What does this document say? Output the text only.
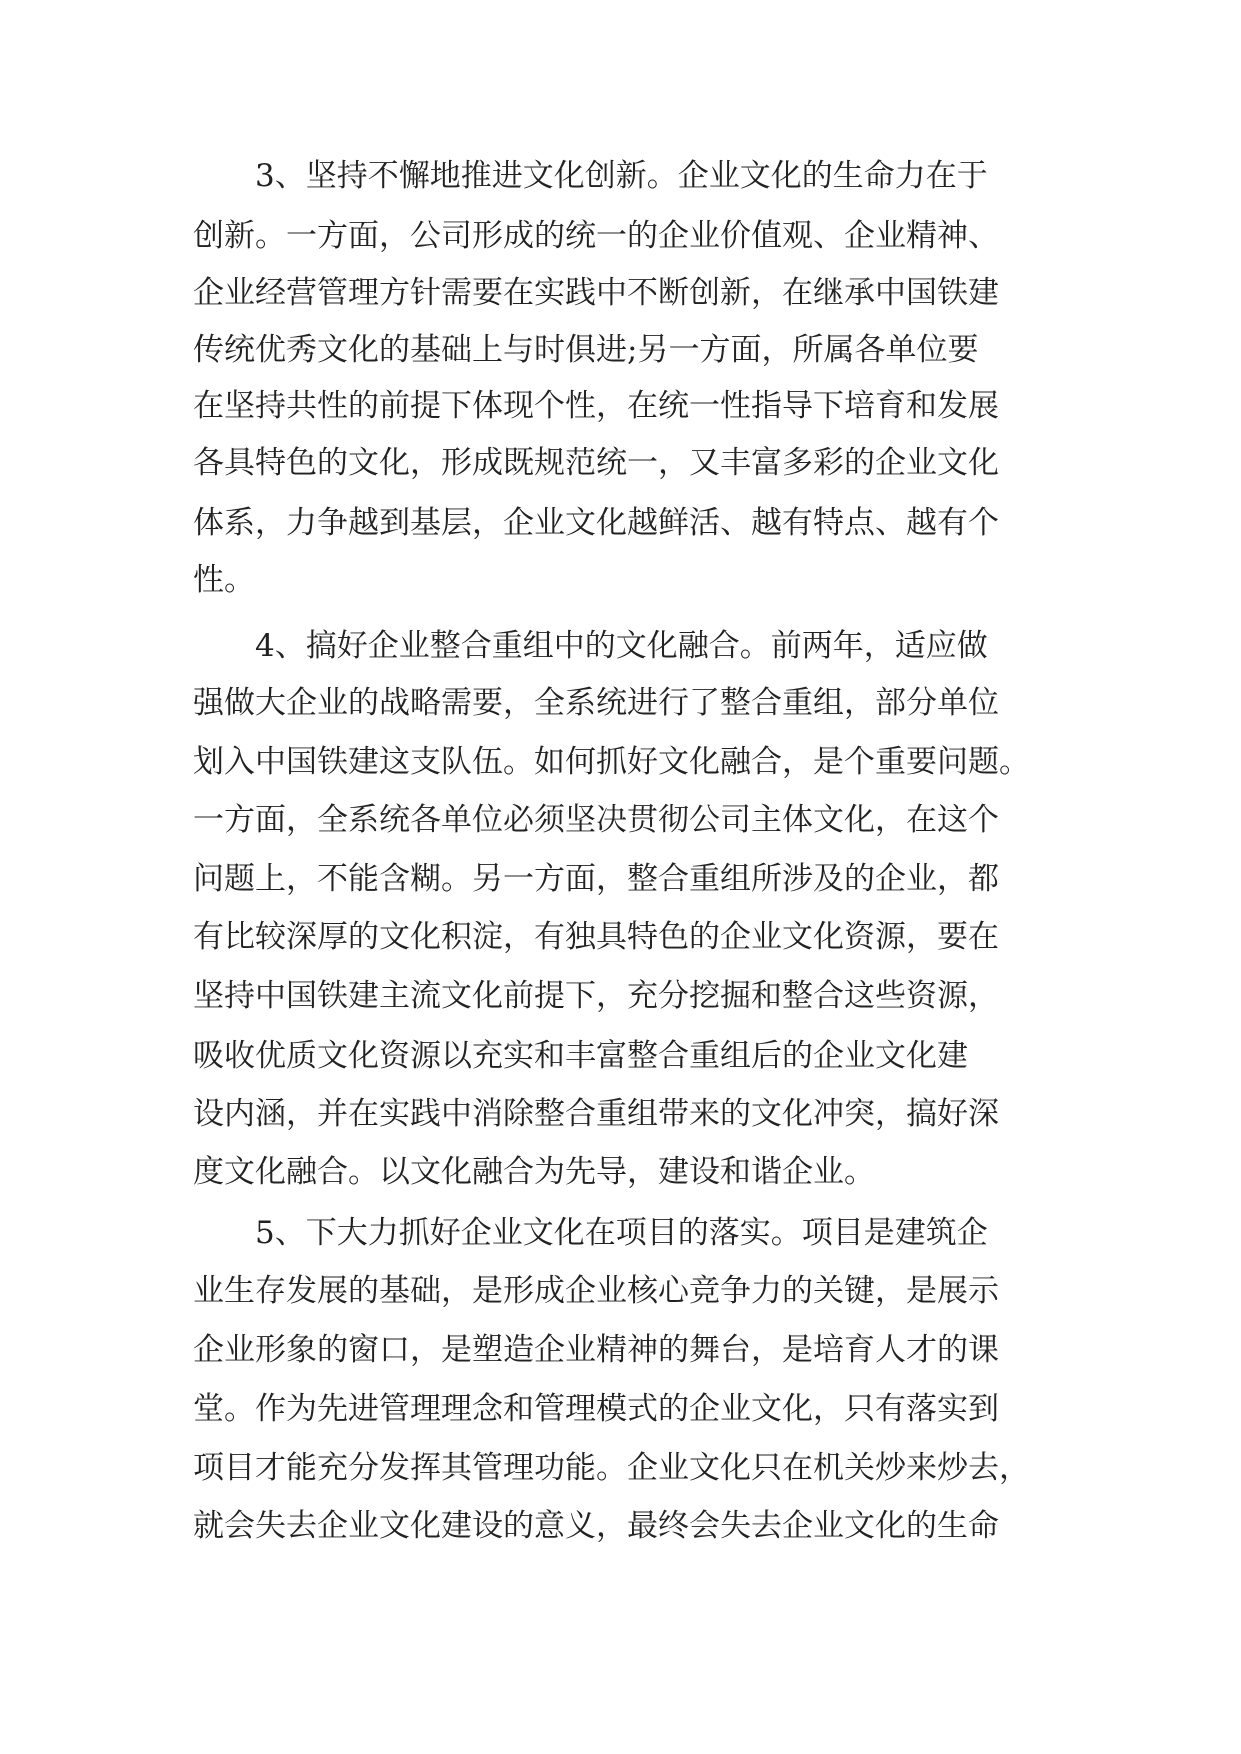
3、坚持不懈地推进文化创新。企业文化的生命力在于

创新。一方面，公司形成的统一的企业价值观、企业精神、

企业经营管理方针需要在实践中不断创新，在继承中国铁建

传统优秀文化的基础上与时俱进;另一方面，所属各单位要

在坚持共性的前提下体现个性，在统一性指导下培育和发展

各具特色的文化，形成既规范统一，又丰富多彩的企业文化

体系，力争越到基层，企业文化越鲜活、越有特点、越有个

性。

4、搞好企业整合重组中的文化融合。前两年，适应做

强做大企业的战略需要，全系统进行了整合重组，部分单位

划入中国铁建这支队伍。如何抓好文化融合，是个重要问题。

一方面，全系统各单位必须坚决贯彻公司主体文化，在这个

问题上，不能含糊。另一方面，整合重组所涉及的企业，都

有比较深厚的文化积淀，有独具特色的企业文化资源，要在

坚持中国铁建主流文化前提下，充分挖掘和整合这些资源，

吸收优质文化资源以充实和丰富整合重组后的企业文化建

设内涵，并在实践中消除整合重组带来的文化冲突，搞好深

度文化融合。以文化融合为先导，建设和谐企业。

5、下大力抓好企业文化在项目的落实。项目是建筑企

业生存发展的基础，是形成企业核心竞争力的关键，是展示

企业形象的窗口，是塑造企业精神的舞台，是培育人才的课

堂。作为先进管理理念和管理模式的企业文化，只有落实到

项目才能充分发挥其管理功能。企业文化只在机关炒来炒去，

就会失去企业文化建设的意义，最终会失去企业文化的生命
